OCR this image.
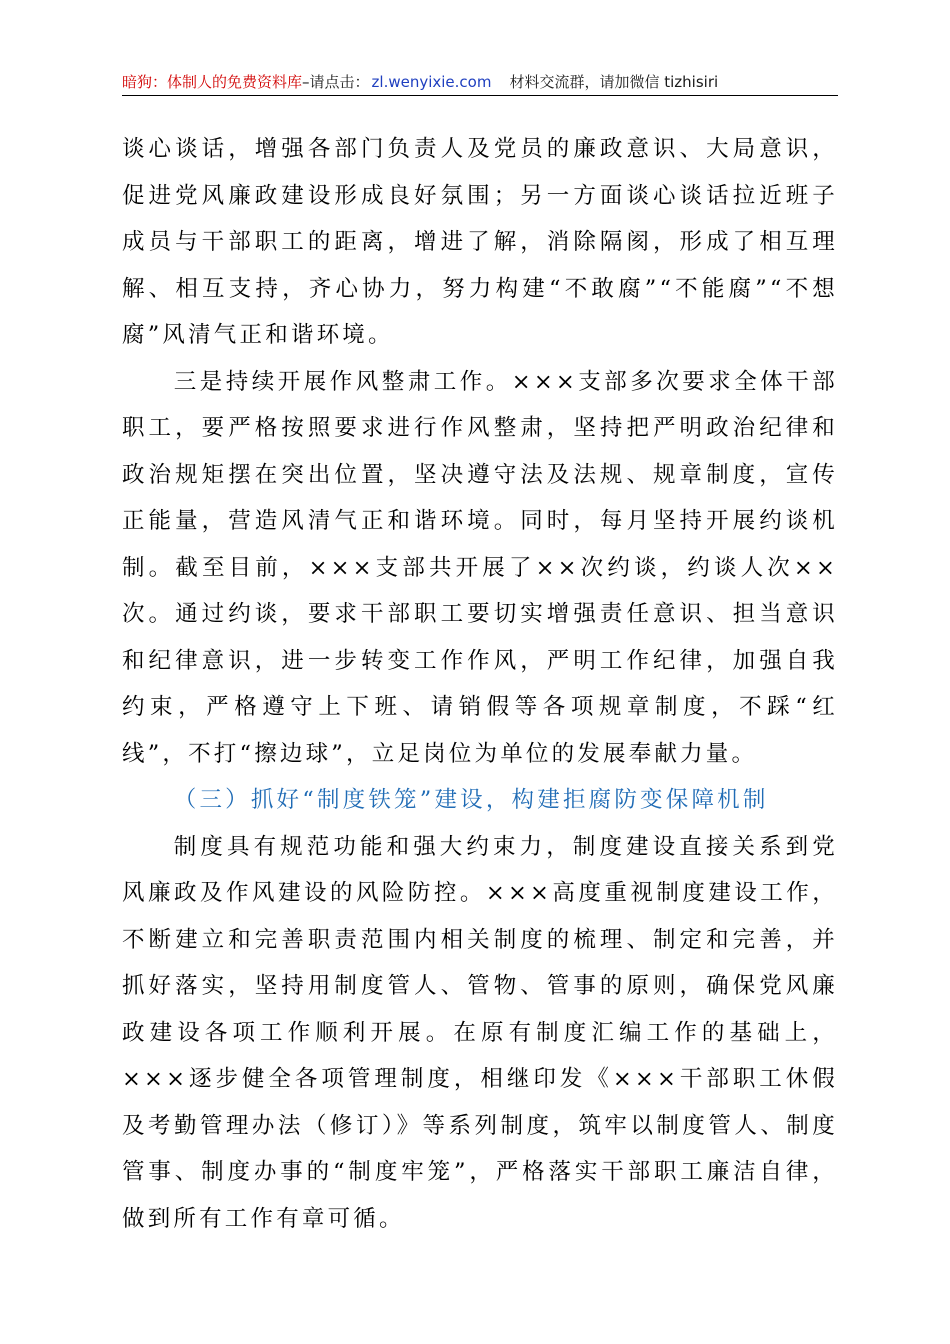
暗狗：体制人的免费资料库–请点击： zl.wenyixie.com 材料交流群，请加微信 tizhisiri

谈心谈话，增强各部门负责人及党员的廉政意识、大局意识，促进党风廉政建设形成良好氛围；另一方面谈心谈话拉近班子成员与干部职工的距离，增进了解，消除隔阂，形成了相互理解、相互支持，齐心协力，努力构建“不敢腐”“不能腐”“不想腐”风清气正和谐环境。

三是持续开展作风整肃工作。×××支部多次要求全体干部职工，要严格按照要求进行作风整肃，坚持把严明政治纪律和政治规矩摆在突出位置，坚决遵守法及法规、规章制度，宣传正能量，营造风清气正和谐环境。同时，每月坚持开展约谈机制。截至目前，×××支部共开展了××次约谈，约谈人次××次。通过约谈，要求干部职工要切实增强责任意识、担当意识和纪律意识，进一步转变工作作风，严明工作纪律，加强自我约束，严格遵守上下班、请销假等各项规章制度，不踩“红线”，不打“擦边球”，立足岗位为单位的发展奉献力量。

（三）抓好“制度铁笼”建设，构建拒腐防变保障机制

制度具有规范功能和强大约束力，制度建设直接关系到党风廉政及作风建设的风险防控。×××高度重视制度建设工作，不断建立和完善职责范围内相关制度的梳理、制定和完善，并抓好落实，坚持用制度管人、管物、管事的原则，确保党风廉政建设各项工作顺利开展。在原有制度汇编工作的基础上，×××逐步健全各项管理制度，相继印发《×××干部职工休假及考勤管理办法（修订）》等系列制度，筑牢以制度管人、制度管事、制度办事的“制度牢笼”，严格落实干部职工廉洁自律，做到所有工作有章可循。
